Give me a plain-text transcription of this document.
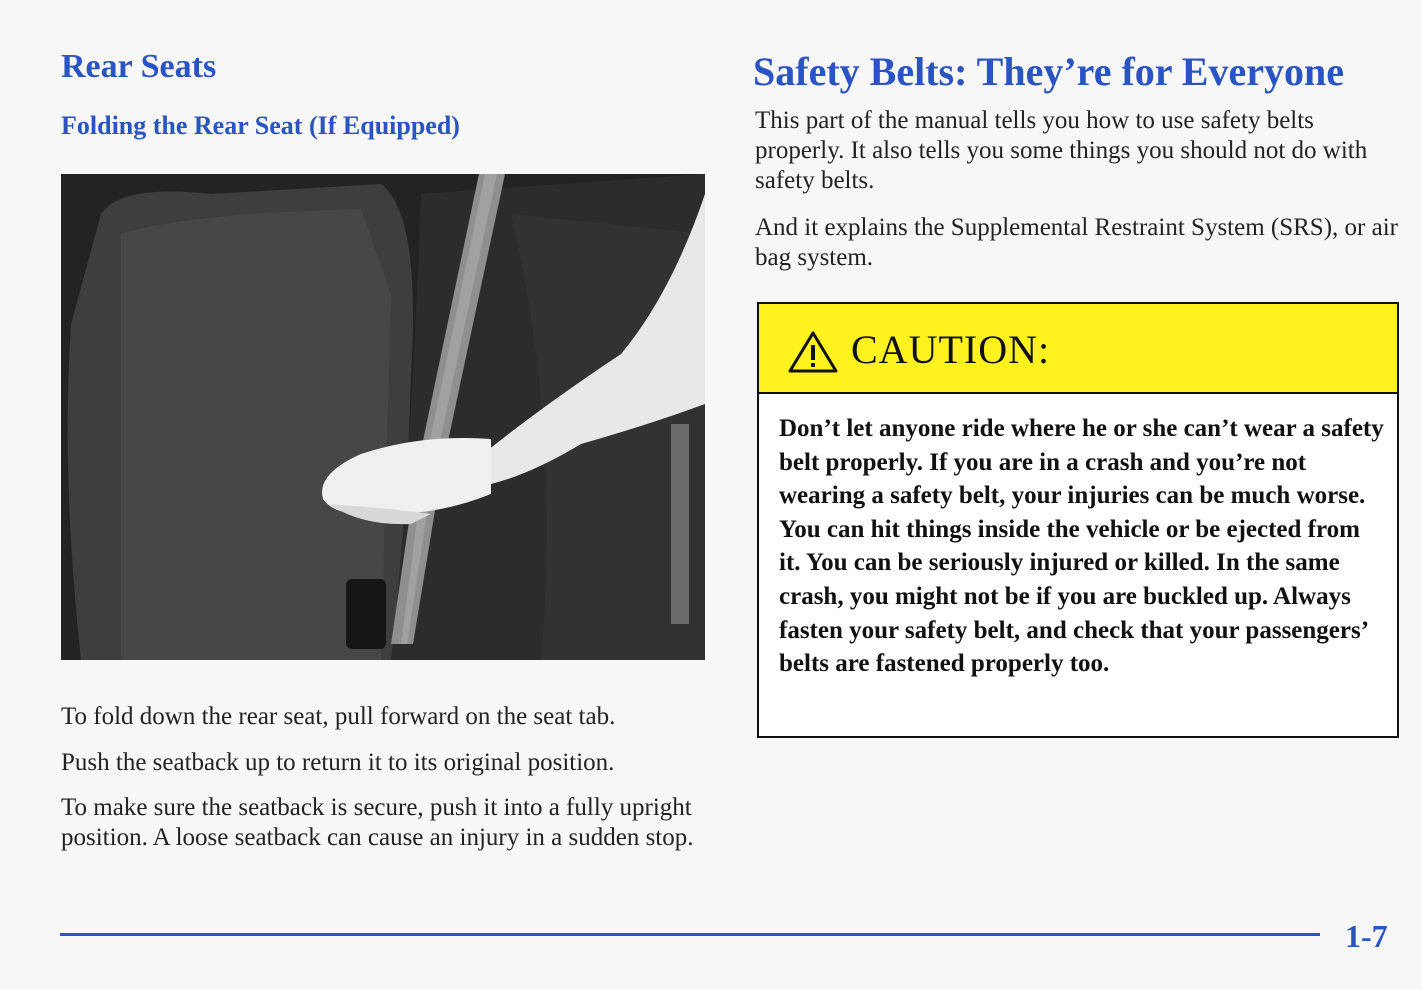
Rear Seats
Folding the Rear Seat (If Equipped)

To fold down the rear seat, pull forward on the seat tab.

Push the seatback up to return it to its original position.

To make sure the seatback is secure, push it into a fully upright position. A loose seatback can cause an injury in a sudden stop.

Safety Belts: They’re for Everyone

This part of the manual tells you how to use safety belts properly. It also tells you some things you should not do with safety belts.

And it explains the Supplemental Restraint System (SRS), or air bag system.

CAUTION:

Don’t let anyone ride where he or she can’t wear a safety belt properly. If you are in a crash and you’re not wearing a safety belt, your injuries can be much worse. You can hit things inside the vehicle or be ejected from it. You can be seriously injured or killed. In the same crash, you might not be if you are buckled up. Always fasten your safety belt, and check that your passengers’ belts are fastened properly too.

1-7
